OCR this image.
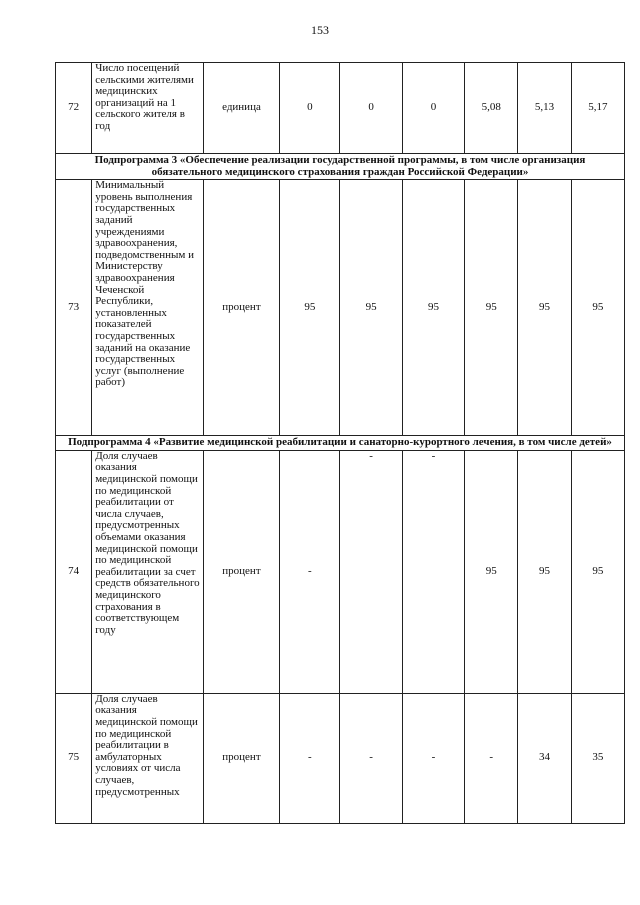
153
72	Число посещений сельскими жителями медицинских организаций на 1 сельского жителя в год	единица	0	0	0	5,08	5,13	5,17
Подпрограмма 3 «Обеспечение реализации государственной программы, в том числе организация обязательного медицинского страхования граждан Российской Федерации»								
73	Минимальный уровень выполнения государственных заданий учреждениями здравоохранения, подведомственным и Министерству здравоохранения Чеченской Республики, установленных показателей государственных заданий на оказание государственных услуг (выполнение работ)	процент	95	95	95	95	95	95
Подпрограмма 4 «Развитие медицинской реабилитации и санаторно-курортного лечения, в том числе детей»								
74	Доля случаев оказания медицинской помощи по медицинской реабилитации от числа случаев, предусмотренных объемами оказания медицинской помощи по медицинской реабилитации за счет средств обязательного медицинского страхования в соответствующем году	процент	-	-	-	95	95	95
75	Доля случаев оказания медицинской помощи по медицинской реабилитации в амбулаторных условиях от числа случаев, предусмотренных	процент	-	-	-	-	34	35
